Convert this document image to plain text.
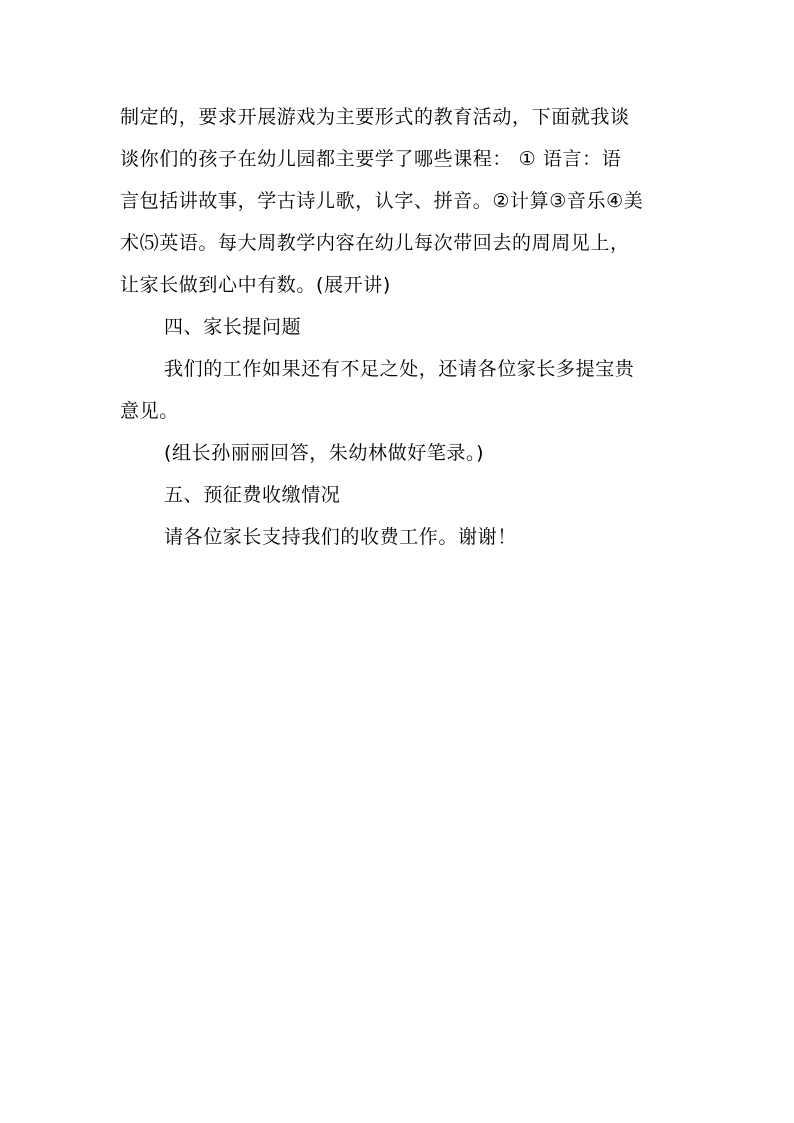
制定的，要求开展游戏为主要形式的教育活动，下面就我谈
谈你们的孩子在幼儿园都主要学了哪些课程： ① 语言：语
言包括讲故事，学古诗儿歌，认字、拼音。②计算③音乐④美
术⑸英语。每大周教学内容在幼儿每次带回去的周周见上，
让家长做到心中有数。(展开讲)
四、家长提问题
我们的工作如果还有不足之处，还请各位家长多提宝贵
意见。
(组长孙丽丽回答，朱幼林做好笔录。)
五、预征费收缴情况
请各位家长支持我们的收费工作。谢谢！
